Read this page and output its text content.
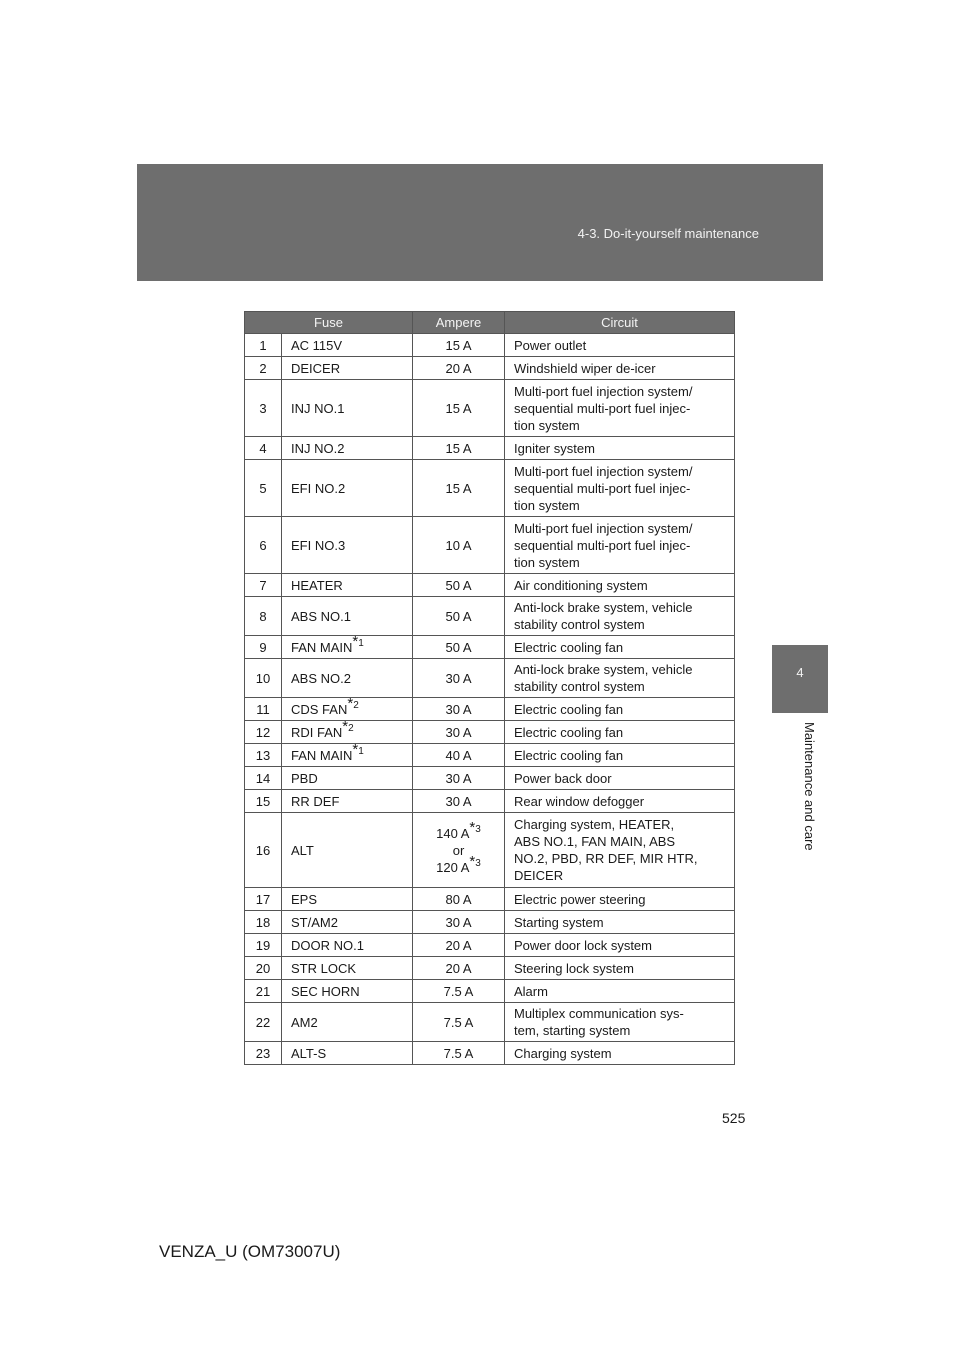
4-3. Do-it-yourself maintenance
4
Maintenance and care
Fuse		Ampere	Circuit
1	AC 115V	15 A	Power outlet
2	DEICER	20 A	Windshield wiper de-icer
3	INJ NO.1	15 A	Multi-port fuel injection system/
sequential multi-port fuel injec-
tion system
4	INJ NO.2	15 A	Igniter system
5	EFI NO.2	15 A	Multi-port fuel injection system/
sequential multi-port fuel injec-
tion system
6	EFI NO.3	10 A	Multi-port fuel injection system/
sequential multi-port fuel injec-
tion system
7	HEATER	50 A	Air conditioning system
8	ABS NO.1	50 A	Anti-lock brake system, vehicle
stability control system
9	FAN MAIN$^{*1}$	50 A	Electric cooling fan
10	ABS NO.2	30 A	Anti-lock brake system, vehicle
stability control system
11	CDS FAN$^{*2}$	30 A	Electric cooling fan
12	RDI FAN$^{*2}$	30 A	Electric cooling fan
13	FAN MAIN$^{*1}$	40 A	Electric cooling fan
14	PBD	30 A	Power back door
15	RR DEF	30 A	Rear window defogger
16	ALT	140 $A^{*3}$
or
120 $A^{*3}$	Charging system, HEATER,
ABS NO.1, FAN MAIN, ABS
NO.2, PBD, RR DEF, MIR HTR,
DEICER
17	EPS	80 A	Electric power steering
18	ST/AM2	30 A	Starting system
19	DOOR NO.1	20 A	Power door lock system
20	STR LOCK	20 A	Steering lock system
21	SEC HORN	7.5 A	Alarm
22	AM2	7.5 A	Multiplex communication sys-
tem, starting system
23	ALT-S	7.5 A	Charging system
525
VENZA_U (OM73007U)
